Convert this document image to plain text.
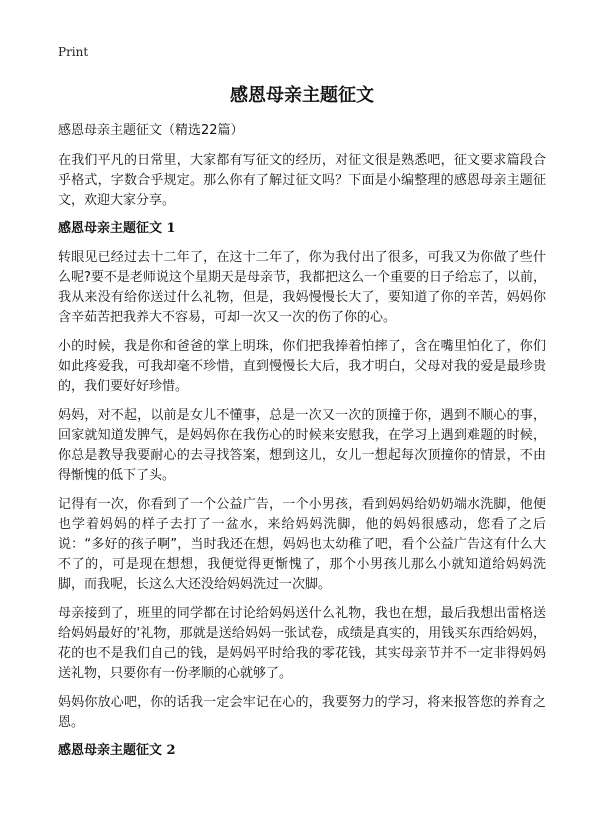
Print
感恩母亲主题征文
感恩母亲主题征文（精选22篇）

在我们平凡的日常里，大家都有写征文的经历，对征文很是熟悉吧，征文要求篇段合乎格式，字数合乎规定。那么你有了解过征文吗？下面是小编整理的感恩母亲主题征文，欢迎大家分享。

感恩母亲主题征文 1

转眼见已经过去十二年了，在这十二年了，你为我付出了很多，可我又为你做了些什么呢?要不是老师说这个星期天是母亲节，我都把这么一个重要的日子给忘了，以前，我从来没有给你送过什么礼物，但是，我妈慢慢长大了，要知道了你的辛苦，妈妈你含辛茹苦把我养大不容易，可却一次又一次的伤了你的心。

小的时候，我是你和爸爸的掌上明珠，你们把我捧着怕摔了，含在嘴里怕化了，你们如此疼爱我，可我却毫不珍惜，直到慢慢长大后，我才明白，父母对我的爱是最珍贵的，我们要好好珍惜。

妈妈，对不起，以前是女儿不懂事，总是一次又一次的顶撞于你，遇到不顺心的事，回家就知道发脾气，是妈妈你在我伤心的时候来安慰我，在学习上遇到难题的时候，你总是教导我要耐心的去寻找答案，想到这儿，女儿一想起每次顶撞你的情景，不由得惭愧的低下了头。

记得有一次，你看到了一个公益广告，一个小男孩，看到妈妈给奶奶端水洗脚，他便也学着妈妈的样子去打了一盆水，来给妈妈洗脚，他的妈妈很感动，您看了之后说：“多好的孩子啊”，当时我还在想，妈妈也太幼稚了吧，看个公益广告这有什么大不了的，可是现在想想，我便觉得更惭愧了，那个小男孩儿那么小就知道给妈妈洗脚，而我呢，长这么大还没给妈妈洗过一次脚。

母亲接到了，班里的同学都在讨论给妈妈送什么礼物，我也在想，最后我想出雷格送给妈妈最好的'礼物，那就是送给妈妈一张试卷，成绩是真实的，用钱买东西给妈妈，花的也不是我们自己的钱，是妈妈平时给我的零花钱，其实母亲节并不一定非得妈妈送礼物，只要你有一份孝顺的心就够了。

妈妈你放心吧，你的话我一定会牢记在心的，我要努力的学习，将来报答您的养育之恩。

感恩母亲主题征文 2
